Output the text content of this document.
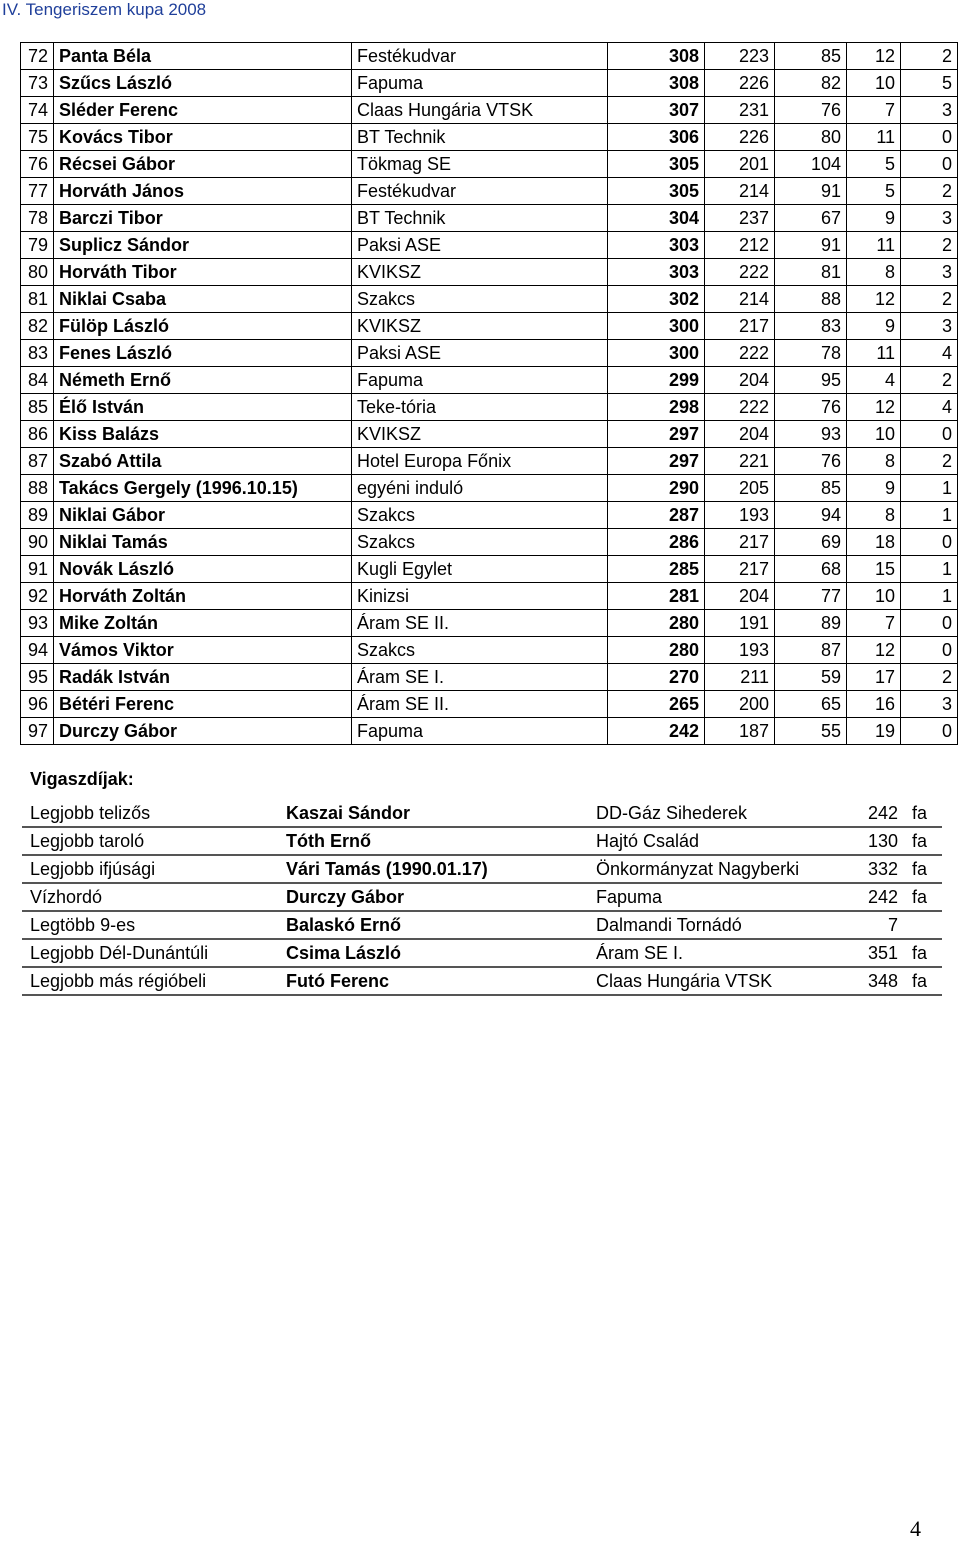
IV. Tengeriszem kupa 2008
72	Panta Béla	Festékudvar	308	223	85	12	2
73	Szűcs László	Fapuma	308	226	82	10	5
74	Sléder Ferenc	Claas Hungária VTSK	307	231	76	7	3
75	Kovács Tibor	BT Technik	306	226	80	11	0
76	Récsei Gábor	Tökmag SE	305	201	104	5	0
77	Horváth János	Festékudvar	305	214	91	5	2
78	Barczi Tibor	BT Technik	304	237	67	9	3
79	Suplicz Sándor	Paksi ASE	303	212	91	11	2
80	Horváth Tibor	KVIKSZ	303	222	81	8	3
81	Niklai Csaba	Szakcs	302	214	88	12	2
82	Fülöp László	KVIKSZ	300	217	83	9	3
83	Fenes László	Paksi ASE	300	222	78	11	4
84	Németh Ernő	Fapuma	299	204	95	4	2
85	Élő István	Teke-tória	298	222	76	12	4
86	Kiss Balázs	KVIKSZ	297	204	93	10	0
87	Szabó Attila	Hotel Europa Főnix	297	221	76	8	2
88	Takács Gergely (1996.10.15)	egyéni induló	290	205	85	9	1
89	Niklai Gábor	Szakcs	287	193	94	8	1
90	Niklai Tamás	Szakcs	286	217	69	18	0
91	Novák László	Kugli Egylet	285	217	68	15	1
92	Horváth Zoltán	Kinizsi	281	204	77	10	1
93	Mike Zoltán	Áram SE II.	280	191	89	7	0
94	Vámos Viktor	Szakcs	280	193	87	12	0
95	Radák István	Áram SE I.	270	211	59	17	2
96	Bétéri Ferenc	Áram SE II.	265	200	65	16	3
97	Durczy Gábor	Fapuma	242	187	55	19	0
Vigaszdíjak:
Legjobb telizős	Kaszai Sándor	DD-Gáz Sihederek	242	fa
Legjobb taroló	Tóth Ernő	Hajtó Család	130	fa
Legjobb ifjúsági	Vári Tamás (1990.01.17)	Önkormányzat Nagyberki	332	fa
Vízhordó	Durczy Gábor	Fapuma	242	fa
Legtöbb 9-es	Balaskó Ernő	Dalmandi Tornádó	7	
Legjobb Dél-Dunántúli	Csima László	Áram SE I.	351	fa
Legjobb más régióbeli	Futó Ferenc	Claas Hungária VTSK	348	fa
4
